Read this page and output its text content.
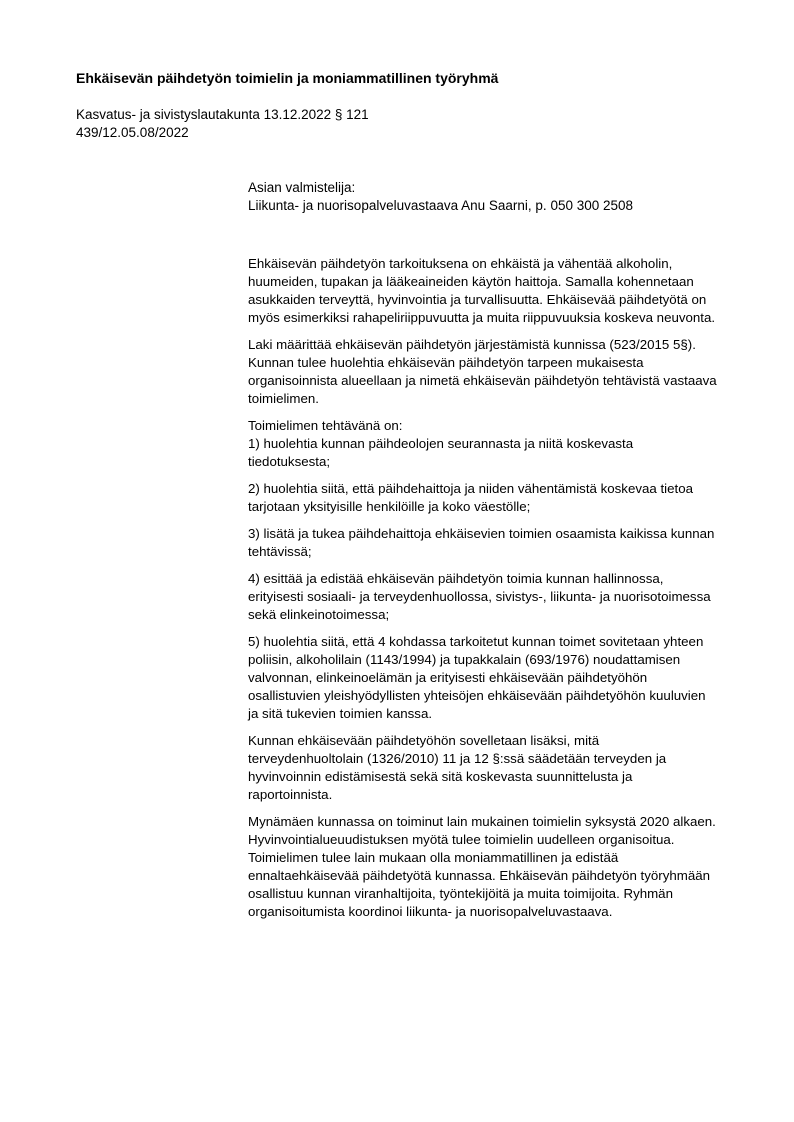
Ehkäisevän päihdetyön toimielin ja moniammatillinen työryhmä
Kasvatus- ja sivistyslautakunta 13.12.2022 § 121
439/12.05.08/2022
Asian valmistelija:
Liikunta- ja nuorisopalveluvastaava Anu Saarni, p. 050 300 2508

Ehkäisevän päihdetyön tarkoituksena on ehkäistä ja vähentää alkoholin, huumeiden, tupakan ja lääkeaineiden käytön haittoja. Samalla kohennetaan asukkaiden terveyttä, hyvinvointia ja turvallisuutta. Ehkäisevää päihdetyötä on myös esimerkiksi rahapeliriippuvuutta ja muita riippuvuuksia koskeva neuvonta.

Laki määrittää ehkäisevän päihdetyön järjestämistä kunnissa (523/2015 5§). Kunnan tulee huolehtia ehkäisevän päihdetyön tarpeen mukaisesta organisoinnista alueellaan ja nimetä ehkäisevän päihdetyön tehtävistä vastaava toimielimen.

Toimielimen tehtävänä on:

1) huolehtia kunnan päihdeolojen seurannasta ja niitä koskevasta tiedotuksesta;

2) huolehtia siitä, että päihdehaittoja ja niiden vähentämistä koskevaa tietoa tarjotaan yksityisille henkilöille ja koko väestölle;

3) lisätä ja tukea päihdehaittoja ehkäisevien toimien osaamista kaikissa kunnan tehtävissä;

4) esittää ja edistää ehkäisevän päihdetyön toimia kunnan hallinnossa, erityisesti sosiaali- ja terveydenhuollossa, sivistys-, liikunta- ja nuorisotoimessa sekä elinkeinotoimessa;

5) huolehtia siitä, että 4 kohdassa tarkoitetut kunnan toimet sovitetaan yhteen poliisin, alkoholilain (1143/1994) ja tupakkalain (693/1976) noudattamisen valvonnan, elinkeinoelämän ja erityisesti ehkäisevään päihdetyöhön osallistuvien yleishyödyllisten yhteisöjen ehkäisevään päihdetyöhön kuuluvien ja sitä tukevien toimien kanssa.

Kunnan ehkäisevään päihdetyöhön sovelletaan lisäksi, mitä terveydenhuoltolain (1326/2010) 11 ja 12 §:ssä säädetään terveyden ja hyvinvoinnin edistämisestä sekä sitä koskevasta suunnittelusta ja raportoinnista.

Mynämäen kunnassa on toiminut lain mukainen toimielin syksystä 2020 alkaen. Hyvinvointialueuudistuksen myötä tulee toimielin uudelleen organisoitua. Toimielimen tulee lain mukaan olla moniammatillinen ja edistää ennaltaehkäisevää päihdetyötä kunnassa. Ehkäisevän päihdetyön työryhmään osallistuu kunnan viranhaltijoita, työntekijöitä ja muita toimijoita. Ryhmän organisoitumista koordinoi liikunta- ja nuorisopalveluvastaava.
